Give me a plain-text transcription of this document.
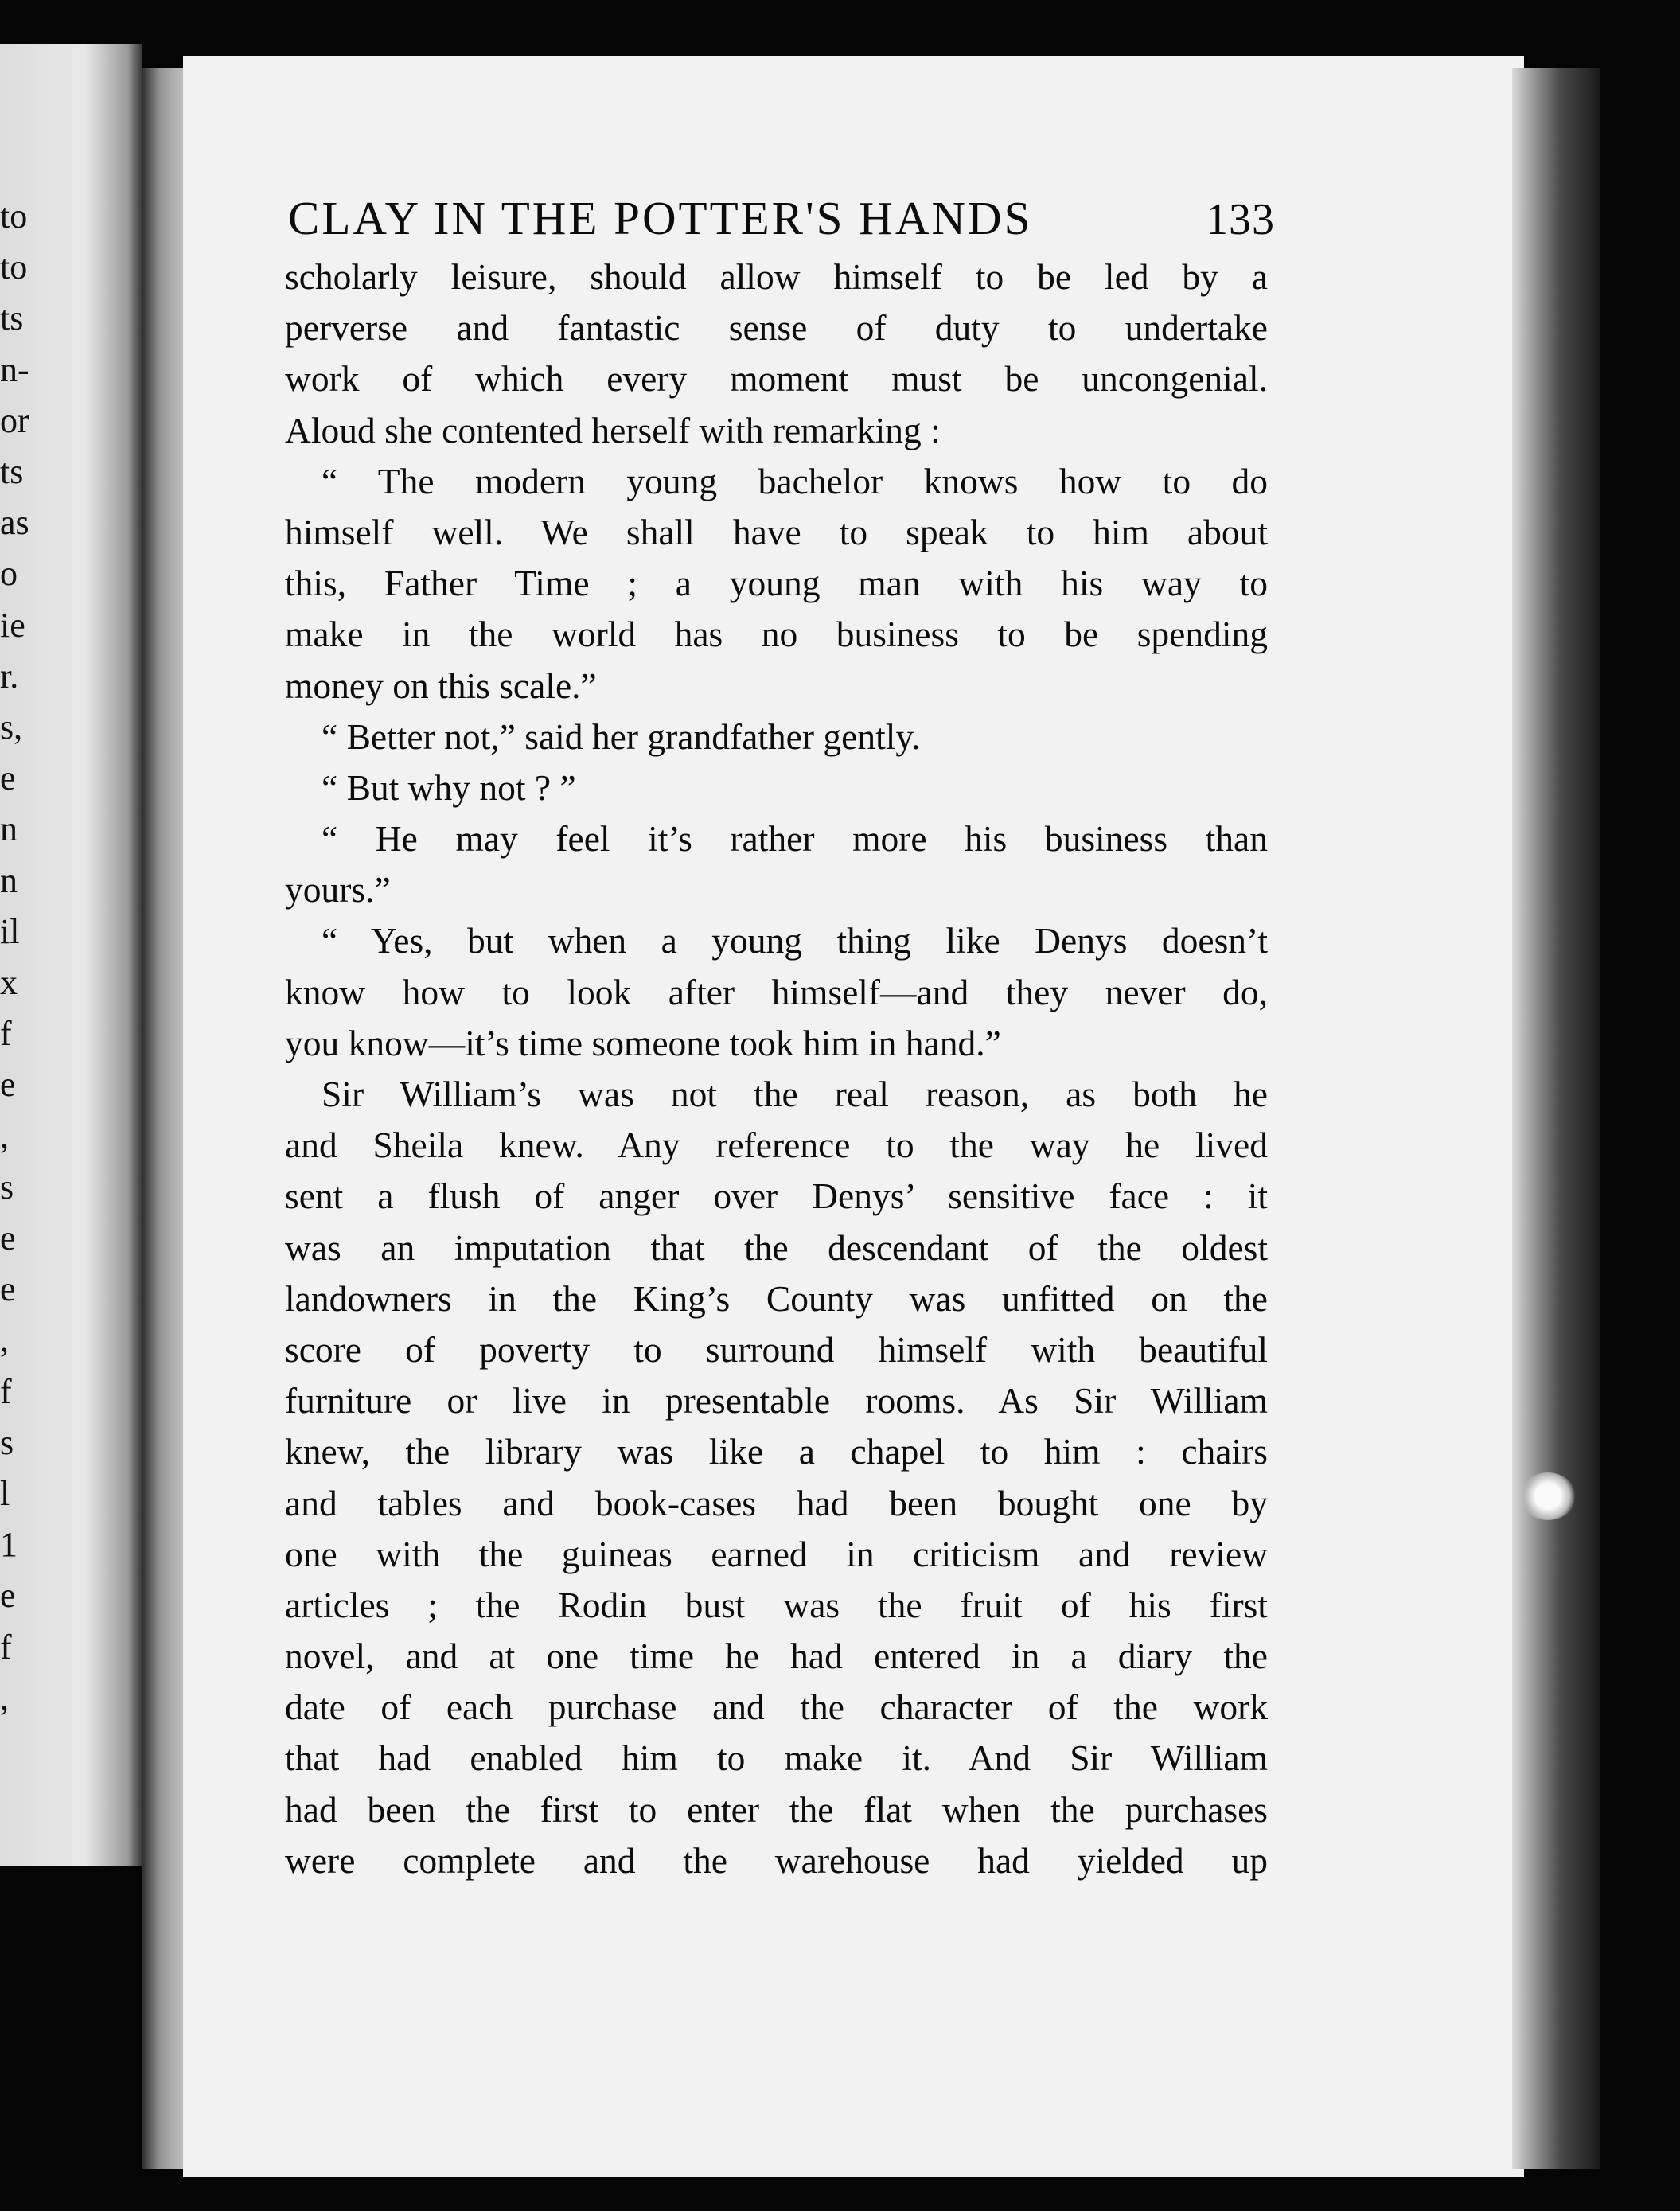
to
to
ts
n-
or
ts
as
o
ie
r.
s,
e
n
n
il
x
f
e
,
s
e
e
,
f
s
l
1
e
f
,
CLAY IN THE POTTER'S HANDS	133
scholarly leisure, should allow himself to be led by a
perverse and fantastic sense of duty to undertake
work of which every moment must be uncongenial.
Aloud she contented herself with remarking :
“ The modern young bachelor knows how to do
himself well. We shall have to speak to him about
this, Father Time ; a young man with his way to
make in the world has no business to be spending
money on this scale.”
“ Better not,” said her grandfather gently.
“ But why not ? ”
“ He may feel it’s rather more his business than
yours.”
“ Yes, but when a young thing like Denys doesn’t
know how to look after himself—and they never do,
you know—it’s time someone took him in hand.”
Sir William’s was not the real reason, as both he
and Sheila knew. Any reference to the way he lived
sent a flush of anger over Denys’ sensitive face : it
was an imputation that the descendant of the oldest
landowners in the King’s County was unfitted on the
score of poverty to surround himself with beautiful
furniture or live in presentable rooms. As Sir William
knew, the library was like a chapel to him : chairs
and tables and book-cases had been bought one by
one with the guineas earned in criticism and review
articles ; the Rodin bust was the fruit of his first
novel, and at one time he had entered in a diary the
date of each purchase and the character of the work
that had enabled him to make it. And Sir William
had been the first to enter the flat when the purchases
were complete and the warehouse had yielded up
